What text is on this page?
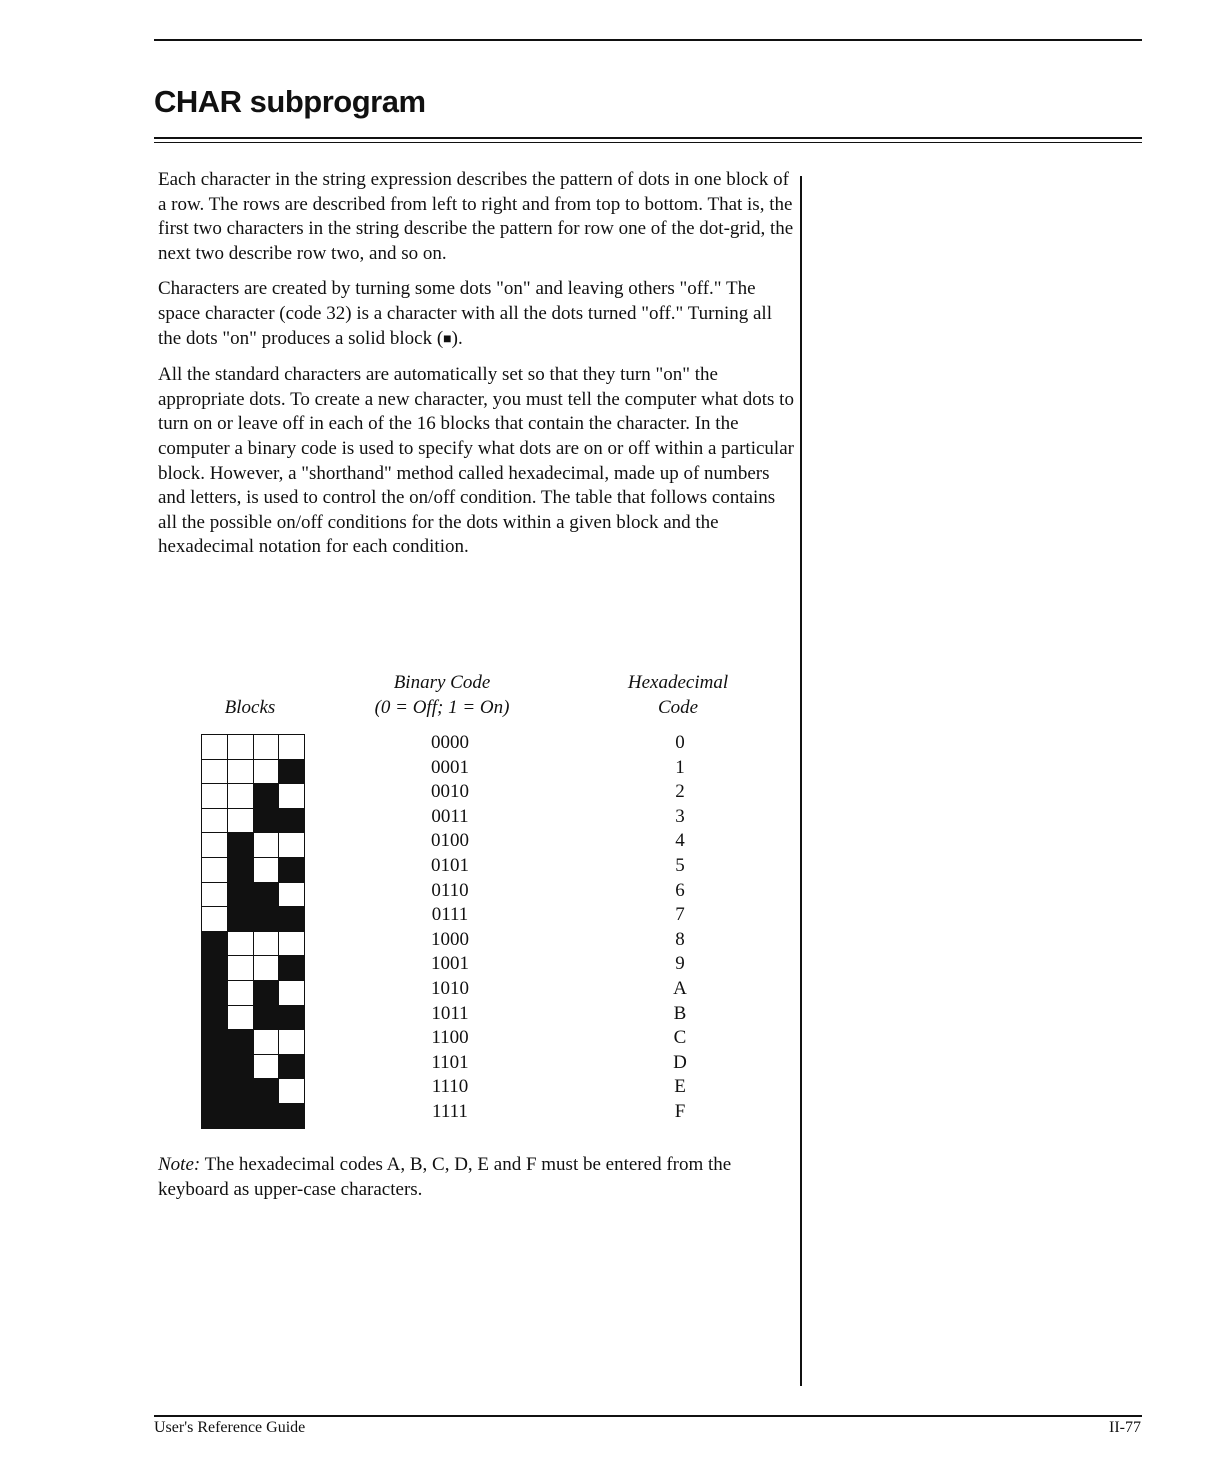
CHAR subprogram

Each character in the string expression describes the pattern of dots in one block of a row. The rows are described from left to right and from top to bottom. That is, the first two characters in the string describe the pattern for row one of the dot-grid, the next two describe row two, and so on.

Characters are created by turning some dots "on" and leaving others "off." The space character (code 32) is a character with all the dots turned "off." Turning all the dots "on" produces a solid block (■).

All the standard characters are automatically set so that they turn "on" the appropriate dots. To create a new character, you must tell the computer what dots to turn on or leave off in each of the 16 blocks that contain the character. In the computer a binary code is used to specify what dots are on or off within a particular block. However, a "shorthand" method called hexadecimal, made up of numbers and letters, is used to control the on/off condition. The table that follows contains all the possible on/off conditions for the dots within a given block and the hexadecimal notation for each condition.

Blocks
Binary Code
(0 = Off; 1 = On)
Hexadecimal
Code
0000
0001
0010
0011
0100
0101
0110
0111
1000
1001
1010
1011
1100
1101
1110
1111
0
1
2
3
4
5
6
7
8
9
A
B
C
D
E
F
Note: The hexadecimal codes A, B, C, D, E and F must be entered from the keyboard as upper-case characters.
User's Reference Guide	II-77
